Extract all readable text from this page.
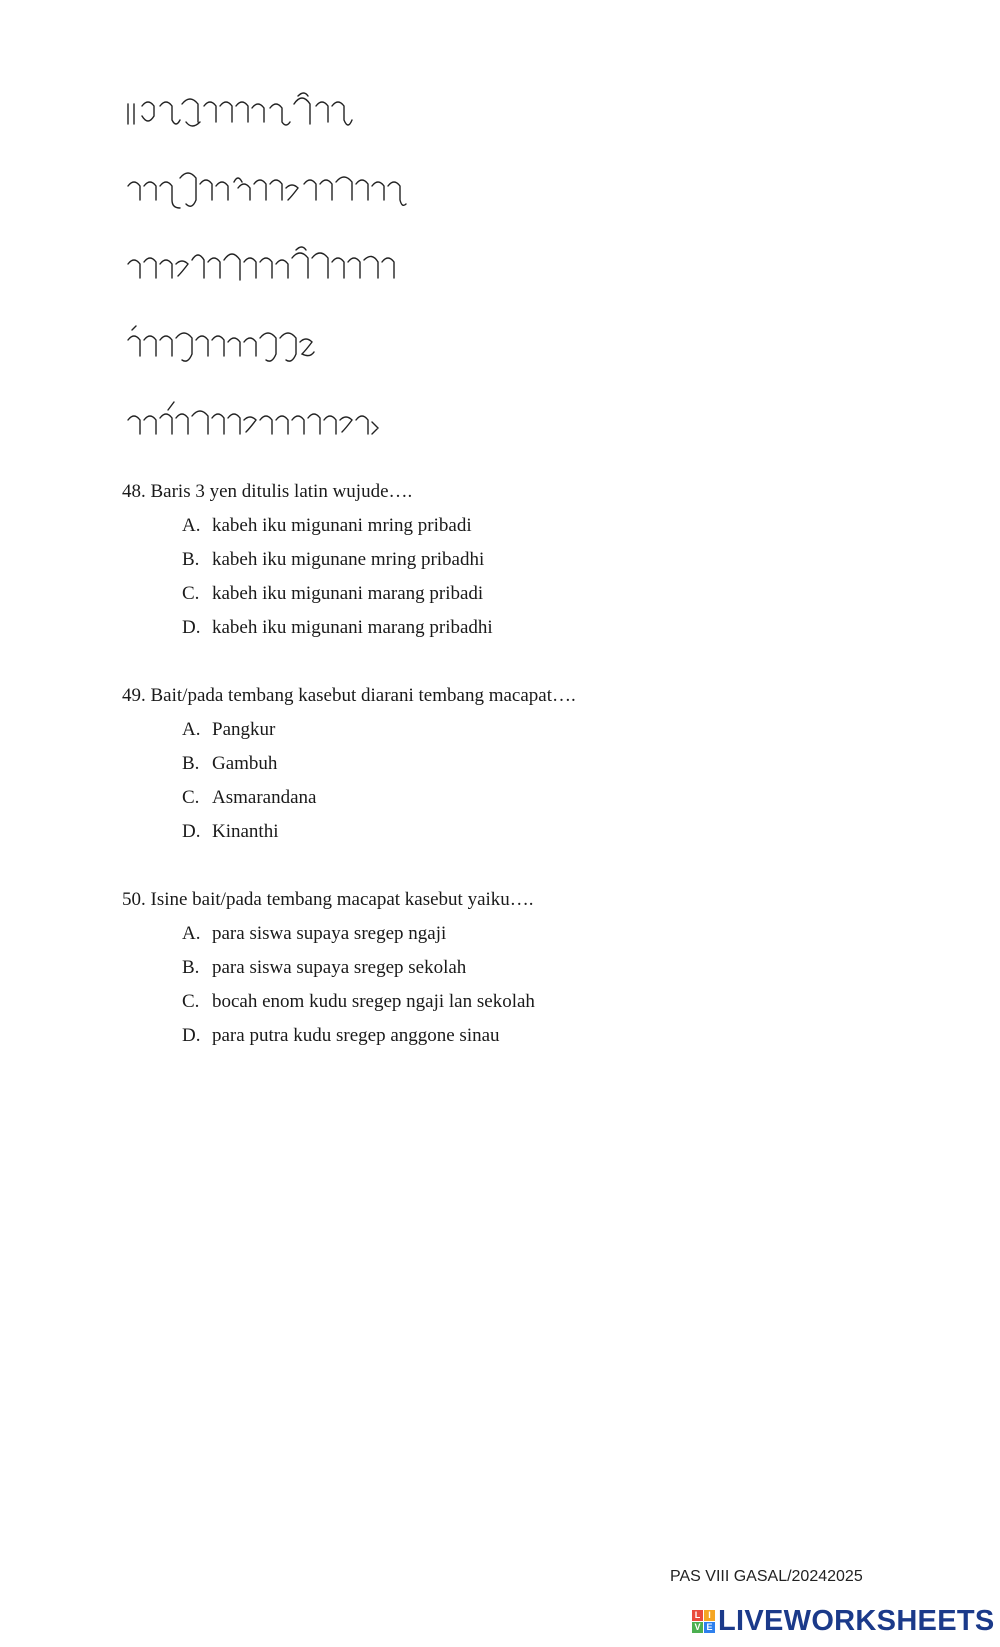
48. Baris 3 yen ditulis latin wujude….

A. kabeh iku migunani mring pribadi
B. kabeh iku migunane mring pribadhi
C. kabeh iku migunani marang pribadi
D. kabeh iku migunani marang pribadhi

49. Bait/pada tembang kasebut diarani tembang macapat….

A. Pangkur
B. Gambuh
C. Asmarandana
D. Kinanthi

50. Isine bait/pada tembang macapat kasebut yaiku….

A. para siswa supaya sregep ngaji
B. para siswa supaya sregep sekolah
C. bocah enom kudu sregep ngaji lan sekolah
D. para putra kudu sregep anggone sinau
PAS VIII GASAL/20242025
L I
V E LIVEWORKSHEETS
